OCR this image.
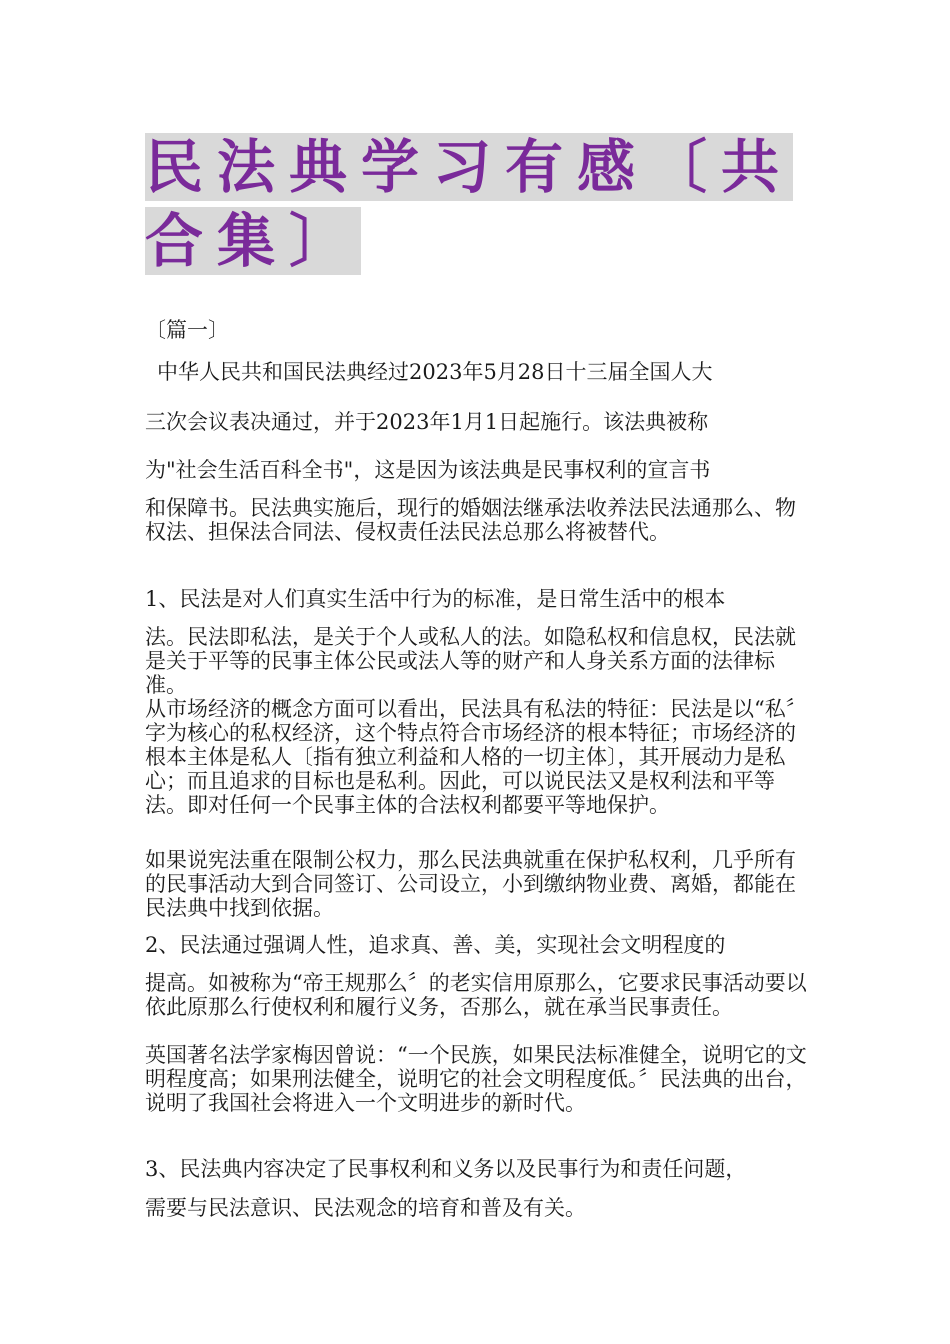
民法典学习有感〔共合集〕
〔篇一〕
中华人民共和国民法典经过2023年5月28日十三届全国人大
三次会议表决通过，并于2023年1月1日起施行。该法典被称
为"社会生活百科全书"，这是因为该法典是民事权利的宣言书
和保障书。民法典实施后，现行的婚姻法继承法收养法民法通那么、物权法、担保法合同法、侵权责任法民法总那么将被替代。
1、民法是对人们真实生活中行为的标准，是日常生活中的根本
法。民法即私法，是关于个人或私人的法。如隐私权和信息权，民法就是关于平等的民事主体公民或法人等的财产和人身关系方面的法律标准。
从市场经济的概念方面可以看出，民法具有私法的特征：民法是以“私〞字为核心的私权经济，这个特点符合市场经济的根本特征；市场经济的根本主体是私人〔指有独立利益和人格的一切主体〕，其开展动力是私心；而且追求的目标也是私利。因此，可以说民法又是权利法和平等法。即对任何一个民事主体的合法权利都要平等地保护。
如果说宪法重在限制公权力，那么民法典就重在保护私权利，几乎所有的民事活动大到合同签订、公司设立，小到缴纳物业费、离婚，都能在民法典中找到依据。
2、民法通过强调人性，追求真、善、美，实现社会文明程度的
提高。如被称为“帝王规那么〞的老实信用原那么，它要求民事活动要以依此原那么行使权利和履行义务，否那么，就在承当民事责任。
英国著名法学家梅因曾说：“一个民族，如果民法标准健全，说明它的文明程度高；如果刑法健全，说明它的社会文明程度低。〞民法典的出台，说明了我国社会将进入一个文明进步的新时代。
3、民法典内容决定了民事权利和义务以及民事行为和责任问题，
需要与民法意识、民法观念的培育和普及有关。
